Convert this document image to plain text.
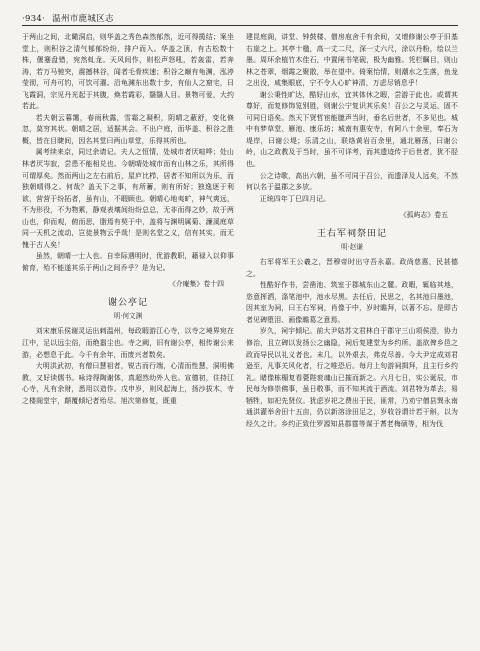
·934· 温州市鹿城区志

于两山之间，北瞰洞启，则华盖之秀色森然郁然，近可得揽结；案坐堂上，则积谷之清气郁郁纷纷，排户而入。华盖之顶，有古松数十株，偃蹇盘错，宛然虬龙。天风间作，则松声怒吼，若轰雷，若奔涛，若万马驰突，震撼林谷，闻者毛骨疾速；积谷之巅有龟渊，泓渟莹彻，可舟可钓，可饮可濯。沿龟渊东出数十步，有仙人之窟宅，曰飞霞洞，宗见丹光起于其腹，焕若霞彩，翳翳人目。景物可爱，大约若此。

若夫朝云暮霭，春雨秋露，雪霜之凝积，阴晴之蔽舒，变化倏忽，莫穷其状。朝晴之居，适据其会。不出户庭，而华盖、积谷之胜概，皆在目睫间，因名其堂曰两山草堂，乐得其所也。

属考续来京，同过余请记。夫人之恒情，处城市者厌喧哗；处山林者厌岑寂，尝患不能相兑也。今朝晴处城市而有山林之乐，其所得可谓厚矣。然而两山之左右前后，屋庐比栉，居者不知所以为乐，而独朝晴得之。何哉？盖天下之事，有所蓄，则有所好；独逸逐于利欲，营营于纷拓者，虽有山，不暇顾也。朝晴心地夷旷，神气爽远，不为形役，不为物累，静观表壤间纷纷总总，无非而得之妙，故于两山也，仰而观，俯而思，脂焉有契于中，盖将与渊明属菊、濂溪庭草同一天机之流动，岂徒景物云乎哉！是则名堂之义，信有其实，而无愧于古人矣！

虽然，朝晴一士人也。自幸际遇明时，优游教职，藉禄入以仰事俯育，殆不能遂其乐于两山之间乔乎？是为记。

《介庵集》卷十四
谢公亭记
明·何文渊

刘宋康乐侯谢灵运出刺温州，每政暇游江心寺，以寺之境界宛在江中，足以远尘俗，而绝嚣尘也。寺之阙，旧有谢公亭，相传谢公来游，必想息于此。今千有余年，而废兴者数矣。

大明洪武初，有僧曰慧祖者，锐古而行端，心清而性慧，洞明佛教，又好读儒书。咏诗得陶谢体，真超然幼外人也。宣德初，住持江心寺，凡有余财，悉用以造作。戊申岁，则风起海上，扬沙拔木，寺之楼阁堂宇，颠覆倾圮者殆尽。旭次第修复，既重

建昆庭阁，讲堂、钟鼓楼、僧房庖舍千有余间，又增修谢公亭于旧基右崖之上。其亭十楹，高一丈二尺，深一丈六尺，涂以丹粉，绘以兰墨。周环余植竹木佳石，中置闸书笔砚，极为幽雅。凭栏瞩目，则山林之苍翠，烟霞之聚散，举在望中。倚案怡情，则潮水之生落，鱼龙之出没，咸集眼底，宁不令人心旷神清，万虑尽销息乎！

谢公秉性旷达，酷好山水，宜其体休之暇，尝游于此也。或谓其尊好，而复修饰览别胜，则谢公宁复识其乐矣！召公之与灵运，固不可同日语矣。然天下贤哲宦能臆声当时，垂名后世者，不多见也。城中有梦草堂、雁池、康乐坊；城南有惠安寺，有阿八十余里，奉石为堤岸，曰谢公堤；乐清之山，联络黄岩百余里，通北雁荡，曰谢公岭，山之政教及于当时，虽不可详考，而其遗迹传于后世者，犹不胫也。

公之诗歌，高出六朝，虽不可同于召公，而遗泽及人远矣，不然何以名于温郡之多欤。

正统四年丁巳四月记。

《孤屿志》卷五
王右军祠祭田记
明·赵谦

右军将军王公羲之，晋穆帝时出守吾永嘉。政尚慈惠，民甚德之。

性酷好作书，尝凿池、筑室于郡城东山之麓。政暇，辄临其地，恣意挥洒，涤笔池中，池水尽黑。去任后，民思之，名其池曰墨池，因其室为祠，曰王右军祠，肖像于中，岁时瞻拜，以著不忘。是即古者见碑堕泪、画像瞻葛之意焉。

岁久，祠宇倾圮。前大尹姑苏文君林白于郡守三山项侯澄，协力修治，且立碑以发扬公之幽隐，祠后复建堂为乡约所。盖欲俾乡邑之政而导民以礼义者也。未几，以外艰去，弗克尽善。今大尹定成刘君逊至，凡事关风化者，行之唯恐后。每月上旬游祠揖拜，且主行乡约礼。睹像栋楣复看甍陛衮魂山已摧而新之。六月七日，实公诞辰，市民每为修崇佛事，虽日敬事，而不知其流于酒流。刘君特为革去，易牺牲，如祀先贤仪。犹虑岁祀之费出于民，匪常，乃劝宁僧县巽永南通洪灌举舍田十五亩，仍以新溶涂田足之，岁收谷谓计若干斛，以为经久之计。乡约正致仕罗源知县郡霆等谋于耆老梅硕等，相为伐
